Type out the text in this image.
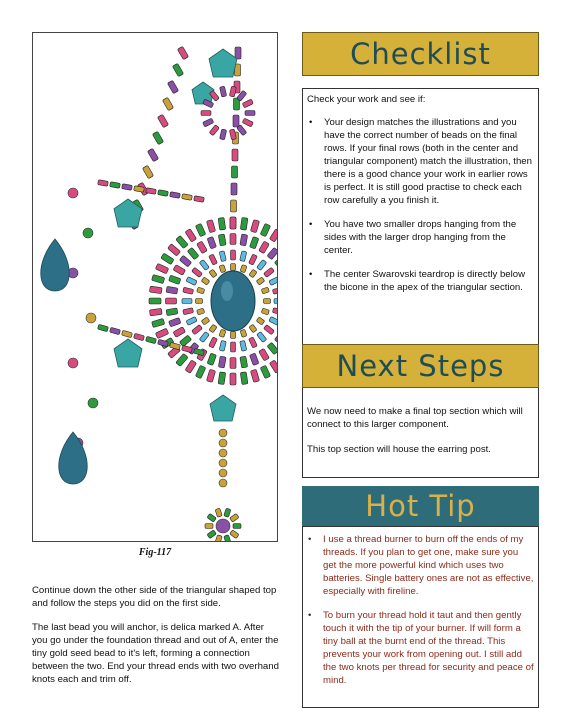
Fig-117

Continue down the other side of the triangular shaped top and follow the steps you did on the first side.

The last bead you will anchor, is delica marked A. After you go under the foundation thread and out of A, enter the tiny gold seed bead to it's left, forming a connection between the two. End your thread ends with two overhand knots each and trim off.

Check your work and see if:

• Your design matches the illustrations and you have the correct number of beads on the final rows. If your final rows (both in the center and triangular component) match the illustration, then there is a good chance your work in earlier rows is perfect. It is still good practise to check each row carefully a you finish it.
• You have two smaller drops hanging from the sides with the larger drop hanging from the center.
• The center Swarovski teardrop is directly below the bicone in the apex of the triangular section.
Checklist

We now need to make a final top section which will connect to this larger component.

This top section will house the earring post.

Next Steps
• I use a thread burner to burn off the ends of my threads. If you plan to get one, make sure you get the more powerful kind which uses two batteries. Single battery ones are not as effective, especially with fireline.
• To burn your thread hold it taut and then gently touch it with the tip of your burner. If will form a tiny ball at the burnt end of the thread. This prevents your work from opening out. I still add the two knots per thread for security and peace of mind.
Hot Tip
